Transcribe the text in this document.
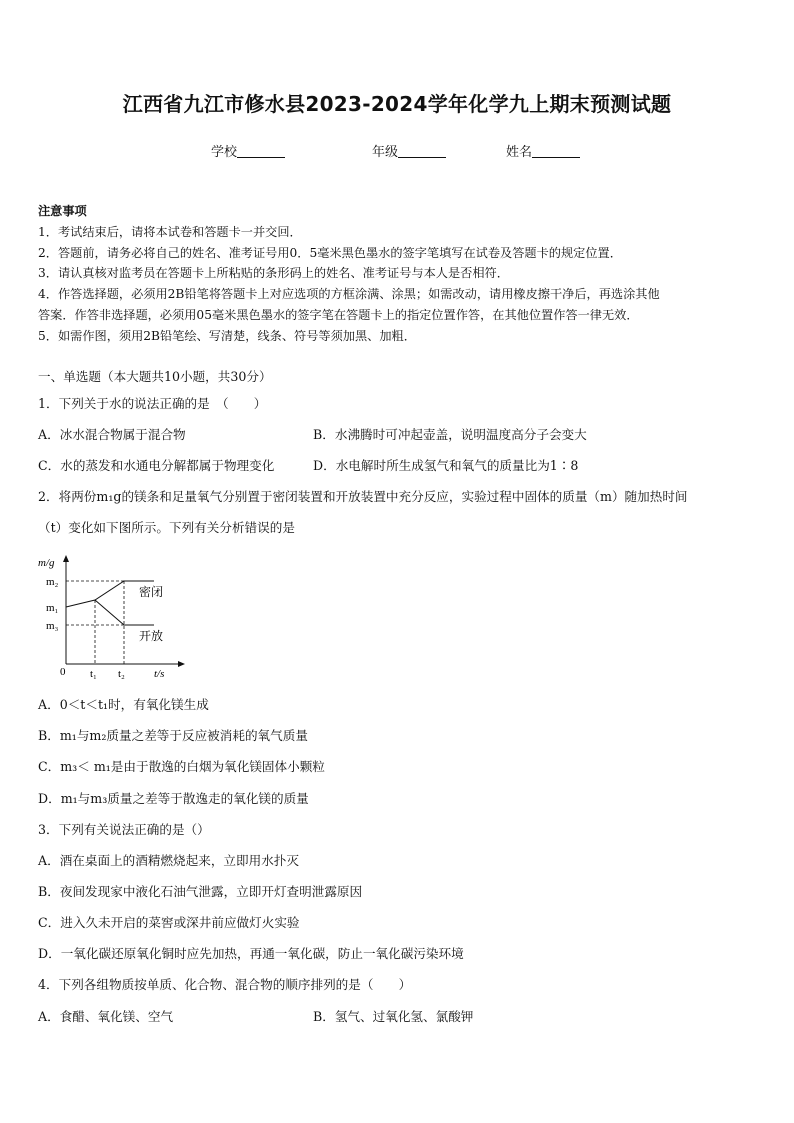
江西省九江市修水县2023-2024学年化学九上期末预测试题
学校	年级	姓名
注意事项
1．考试结束后，请将本试卷和答题卡一并交回．
2．答题前，请务必将自己的姓名、准考证号用0．5毫米黑色墨水的签字笔填写在试卷及答题卡的规定位置．
3．请认真核对监考员在答题卡上所粘贴的条形码上的姓名、准考证号与本人是否相符．
4．作答选择题，必须用2B铅笔将答题卡上对应选项的方框涂满、涂黑；如需改动，请用橡皮擦干净后，再选涂其他
答案．作答非选择题，必须用05毫米黑色墨水的签字笔在答题卡上的指定位置作答，在其他位置作答一律无效．
5．如需作图，须用2B铅笔绘、写清楚，线条、符号等须加黑、加粗．
一、单选题（本大题共10小题，共30分）
1．下列关于水的说法正确的是　（　　）
A．冰水混合物属于混合物	B．水沸腾时可冲起壶盖，说明温度高分子会变大
C．水的蒸发和水通电分解都属于物理变化	D．水电解时所生成氢气和氧气的质量比为1∶8
2．将两份m₁g的镁条和足量氧气分别置于密闭装置和开放装置中充分反应，实验过程中固体的质量（m）随加热时间
（t）变化如下图所示。下列有关分析错误的是
m/g
m₂
m₁
m₃
0 t₁ t₂	t/s
密闭
开放
A．0＜t＜t₁时，有氧化镁生成
B．m₁与m₂质量之差等于反应被消耗的氧气质量
C．m₃＜ m₁是由于散逸的白烟为氧化镁固体小颗粒
D．m₁与m₃质量之差等于散逸走的氧化镁的质量
3．下列有关说法正确的是（）
A．酒在桌面上的酒精燃烧起来，立即用水扑灭
B．夜间发现家中液化石油气泄露，立即开灯查明泄露原因
C．进入久未开启的菜窖或深井前应做灯火实验
D．一氧化碳还原氧化铜时应先加热，再通一氧化碳，防止一氧化碳污染环境
4．下列各组物质按单质、化合物、混合物的顺序排列的是（　　）
A．食醋、氧化镁、空气	B．氢气、过氧化氢、氯酸钾
